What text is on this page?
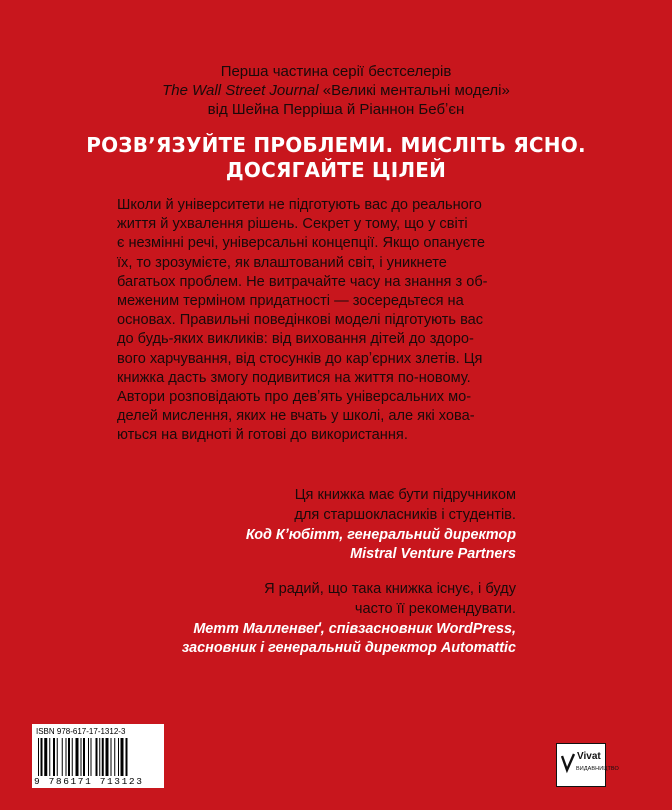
Перша частина серії бестселерів
The Wall Street Journal «Великі ментальні моделі»
від Шейна Перріша й Ріаннон Бебʼєн
РОЗВʼЯЗУЙТЕ ПРОБЛЕМИ. МИСЛІТЬ ЯСНО.
ДОСЯГАЙТЕ ЦІЛЕЙ
Школи й університети не підготують вас до реального
життя й ухвалення рішень. Секрет у тому, що у світі
є незмінні речі, універсальні концепції. Якщо опануєте
їх, то зрозумієте, як влаштований світ, і уникнете
багатьох проблем. Не витрачайте часу на знання з об-
меженим терміном придатності — зосередьтеся на
основах. Правильні поведінкові моделі підготують вас
до будь-яких викликів: від виховання дітей до здоро-
вого харчування, від стосунків до карʼєрних злетів. Ця
книжка дасть змогу подивитися на життя по-новому.
Автори розповідають про девʼять універсальних мо-
делей мислення, яких не вчать у школі, але які хова-
ються на видноті й готові до використання.
Ця книжка має бути підручником
для старшокласників і студентів.
Код Кʼюбітт, генеральний директор
Mistral Venture Partners
Я радий, що така книжка існує, і буду
часто її рекомендувати.
Метт Малленвеґ, співзасновник WordPress,
засновник і генеральний директор Automattic
ISBN 978-617-17-1312-3
9 786171 713123
Vivat
ВИДАВНИЦТВО
